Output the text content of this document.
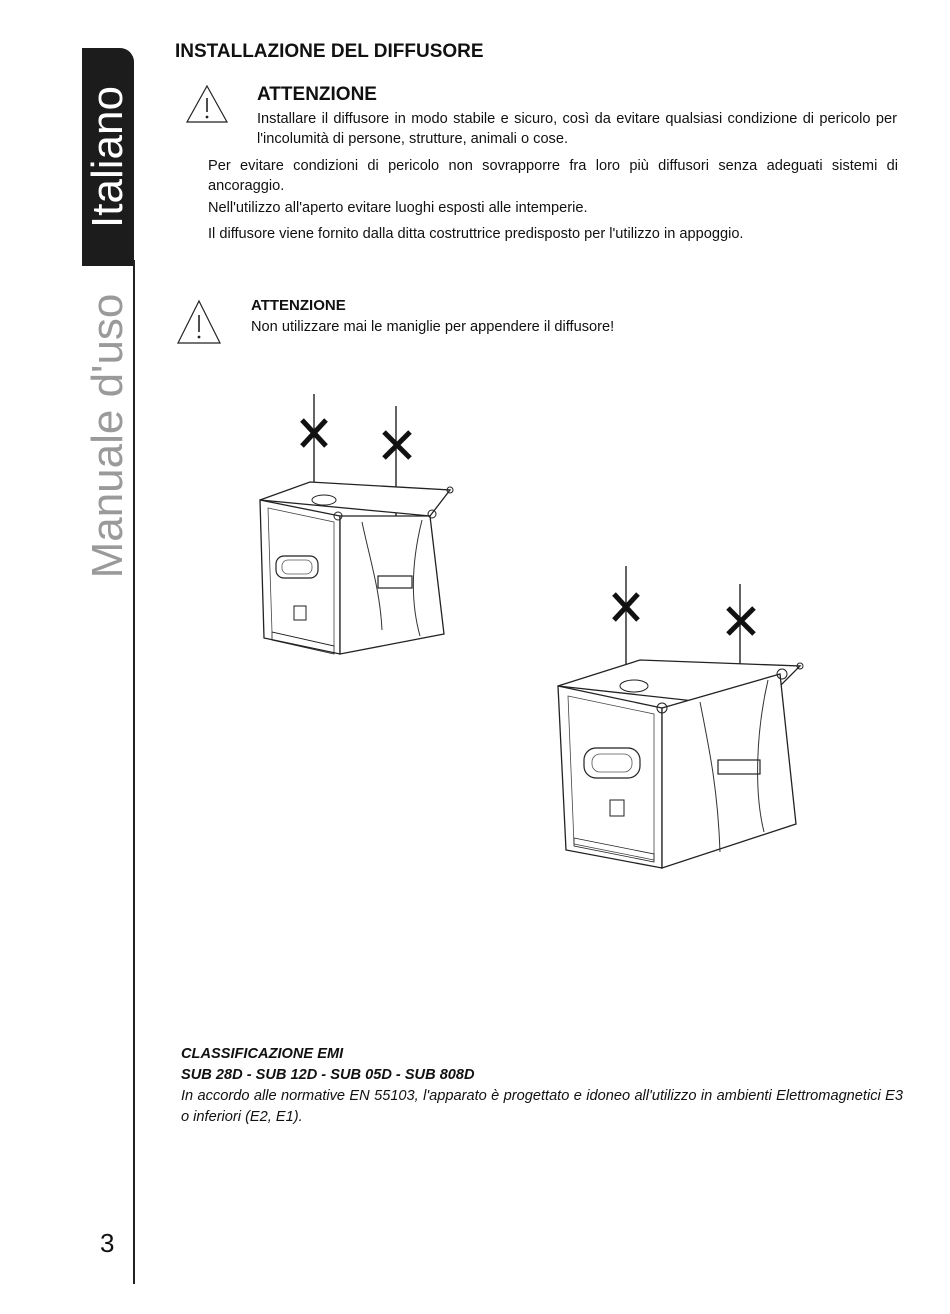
Italiano
Manuale d'uso
3
INSTALLAZIONE DEL DIFFUSORE
ATTENZIONE

Installare il diffusore in modo stabile e sicuro, così da evitare qualsiasi condizione di pericolo per l'incolumità di persone, strutture, animali o cose.

Per evitare condizioni di pericolo non sovrapporre fra loro più diffusori senza adeguati sistemi di ancoraggio.

Nell'utilizzo all'aperto evitare luoghi esposti alle intemperie.

Il diffusore viene fornito dalla ditta costruttrice predisposto per l'utilizzo in appoggio.

ATTENZIONE

Non utilizzare mai le maniglie per appendere il diffusore!

CLASSIFICAZIONE EMI

SUB 28D - SUB 12D - SUB 05D - SUB 808D

In accordo alle normative EN 55103, l'apparato è progettato e idoneo all'utilizzo in ambienti Elettromagnetici E3 o inferiori (E2, E1).
